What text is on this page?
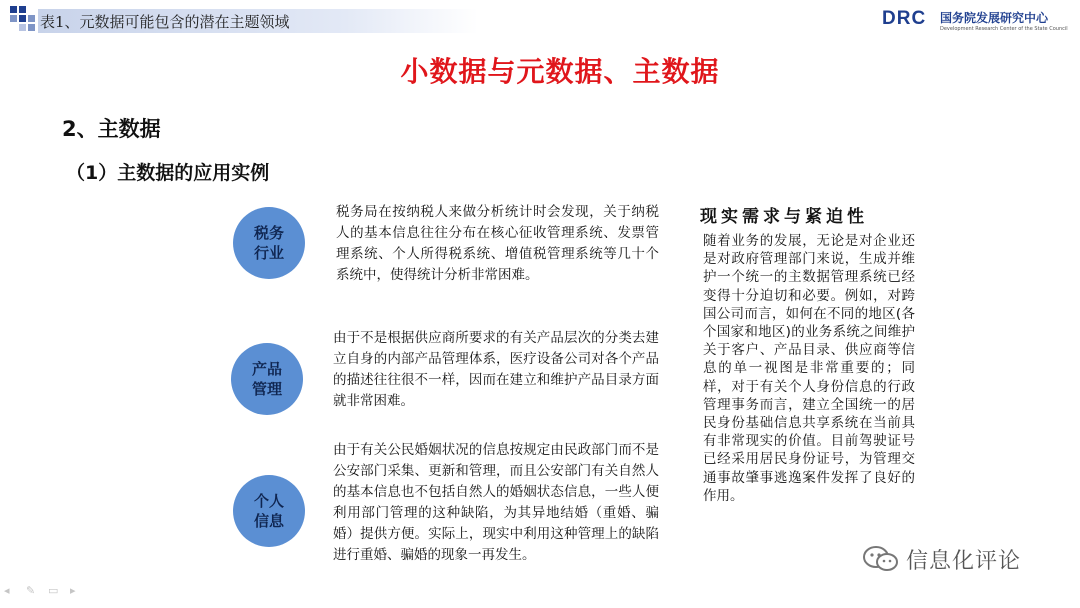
表1、元数据可能包含的潜在主题领域	DRC 国务院发展研究中心
Development Research Center of the State Council
小数据与元数据、主数据
2、主数据
（1）主数据的应用实例
税务
行业
税务局在按纳税人来做分析统计时会发现，关于纳税人的基本信息往往分布在核心征收管理系统、发票管理系统、个人所得税系统、增值税管理系统等几十个系统中，使得统计分析非常困难。
产品
管理
由于不是根据供应商所要求的有关产品层次的分类去建立自身的内部产品管理体系，医疗设备公司对各个产品的描述往往很不一样，因而在建立和维护产品目录方面就非常困难。
个人
信息
由于有关公民婚姻状况的信息按规定由民政部门而不是公安部门采集、更新和管理，而且公安部门有关自然人的基本信息也不包括自然人的婚姻状态信息，一些人便利用部门管理的这种缺陷，为其异地结婚（重婚、骗婚）提供方便。实际上，现实中利用这种管理上的缺陷进行重婚、骗婚的现象一再发生。
现实需求与紧迫性
随着业务的发展，无论是对企业还是对政府管理部门来说，生成并维护一个统一的主数据管理系统已经变得十分迫切和必要。例如，对跨国公司而言，如何在不同的地区(各个国家和地区)的业务系统之间维护关于客户、产品目录、供应商等信息的单一视图是非常重要的；同样，对于有关个人身份信息的行政管理事务而言，建立全国统一的居民身份基础信息共享系统在当前具有非常现实的价值。目前驾驶证号已经采用居民身份证号，为管理交通事故肇事逃逸案件发挥了良好的作用。
信息化评论
◂	✎ ▭ ▸
